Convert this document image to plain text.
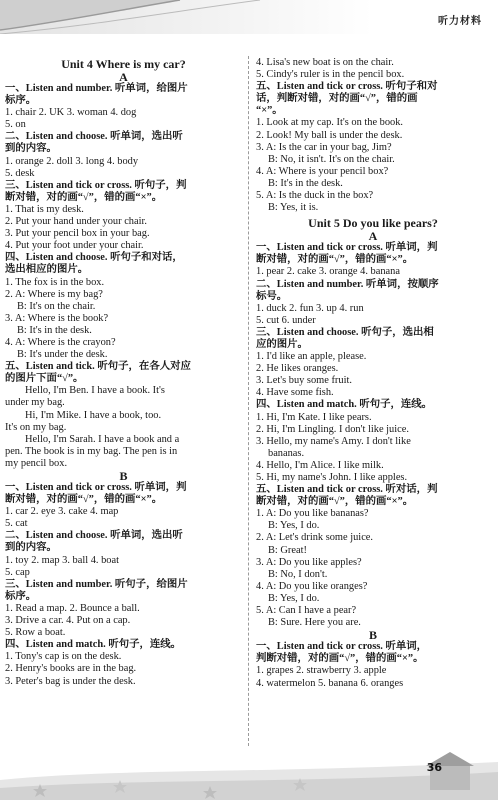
听力材料
Unit 4 Where is my car?
A
一、Listen and number. 听单词，给图片
标序。
1. chair 2. UK 3. woman 4. dog
5. on
二、Listen and choose. 听单词，选出听
到的内容。
1. orange 2. doll 3. long 4. body
5. desk
三、Listen and tick or cross. 听句子，判
断对错，对的画“√”，错的画“×”。
1. That is my desk.
2. Put your hand under your chair.
3. Put your pencil box in your bag.
4. Put your foot under your chair.
四、Listen and choose. 听句子和对话，
选出相应的图片。
1. The fox is in the box.
2. A: Where is my bag?
B: It's on the chair.
3. A: Where is the book?
B: It's in the desk.
4. A: Where is the crayon?
B: It's under the desk.
五、Listen and tick. 听句子，在各人对应
的图片下面“√”。
Hello, I'm Ben. I have a book. It's
under my bag.
Hi, I'm Mike. I have a book, too.
It's on my bag.
Hello, I'm Sarah. I have a book and a
pen. The book is in my bag. The pen is in
my pencil box.
B
一、Listen and tick or cross. 听单词，判
断对错，对的画“√”，错的画“×”。
1. car 2. eye 3. cake 4. map
5. cat
二、Listen and choose. 听单词，选出听
到的内容。
1. toy 2. map 3. ball 4. boat
5. cap
三、Listen and number. 听句子，给图片
标序。
1. Read a map. 2. Bounce a ball.
3. Drive a car. 4. Put on a cap.
5. Row a boat.
四、Listen and match. 听句子，连线。
1. Tony's cap is on the desk.
2. Henry's books are in the bag.
3. Peter's bag is under the desk.
4. Lisa's new boat is on the chair.
5. Cindy's ruler is in the pencil box.
五、Listen and tick or cross. 听句子和对
话，判断对错，对的画“√”，错的画
“×”。
1. Look at my cap. It's on the book.
2. Look! My ball is under the desk.
3. A: Is the car in your bag, Jim?
B: No, it isn't. It's on the chair.
4. A: Where is your pencil box?
B: It's in the desk.
5. A: Is the duck in the box?
B: Yes, it is.
Unit 5 Do you like pears?
A
一、Listen and tick or cross. 听单词，判
断对错，对的画“√”，错的画“×”。
1. pear 2. cake 3. orange 4. banana
二、Listen and number. 听单词，按顺序
标号。
1. duck 2. fun 3. up 4. run
5. cut 6. under
三、Listen and choose. 听句子，选出相
应的图片。
1. I'd like an apple, please.
2. He likes oranges.
3. Let's buy some fruit.
4. Have some fish.
四、Listen and match. 听句子，连线。
1. Hi, I'm Kate. I like pears.
2. Hi, I'm Lingling. I don't like juice.
3. Hello, my name's Amy. I don't like
bananas.
4. Hello, I'm Alice. I like milk.
5. Hi, my name's John. I like apples.
五、Listen and tick or cross. 听对话，判
断对错，对的画“√”，错的画“×”。
1. A: Do you like bananas?
B: Yes, I do.
2. A: Let's drink some juice.
B: Great!
3. A: Do you like apples?
B: No, I don't.
4. A: Do you like oranges?
B: Yes, I do.
5. A: Can I have a pear?
B: Sure. Here you are.
B
一、Listen and tick or cross. 听单词，
判断对错，对的画“√”，错的画“×”。
1. grapes 2. strawberry 3. apple
4. watermelon 5. banana 6. oranges
36
